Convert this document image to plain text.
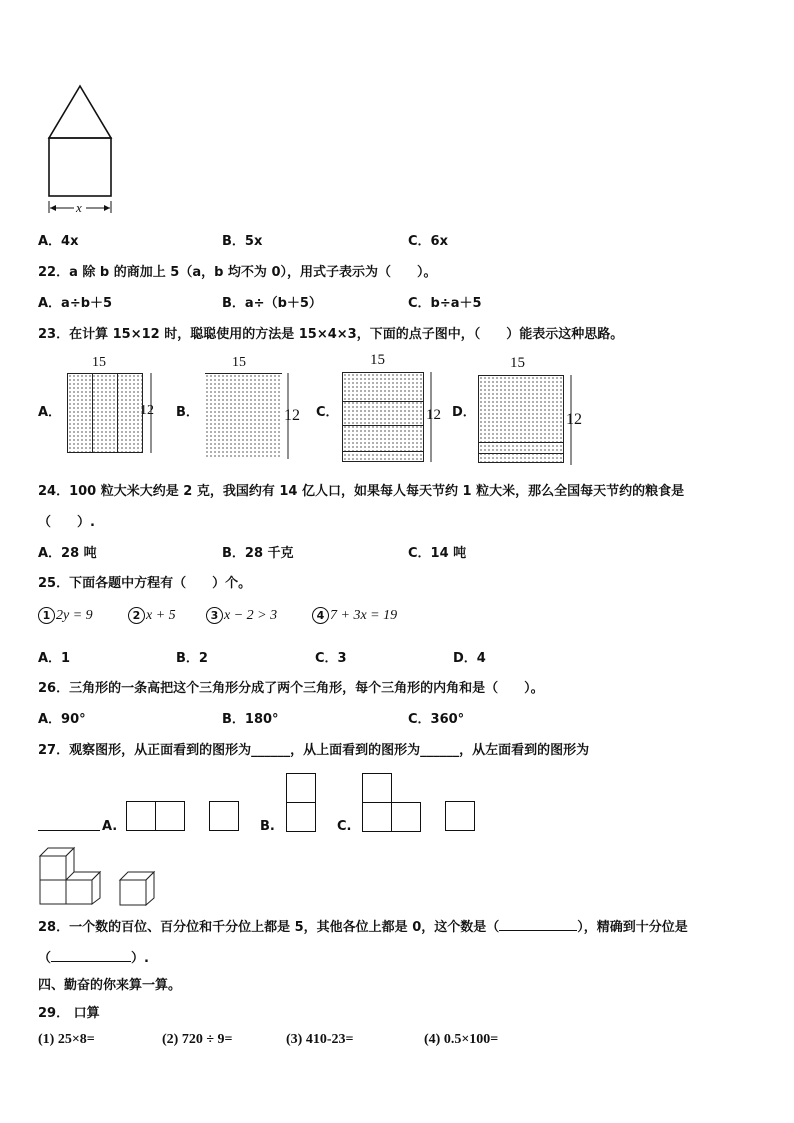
x
A．4x	B．5x	C．6x
22．a 除 b 的商加上 5（a，b 均不为 0），用式子表示为（　　）。
A．a÷b＋5	B．a÷（b＋5）	C．b÷a＋5
23．在计算 15×12 时，聪聪使用的方法是 15×4×3，下面的点子图中，（　　）能表示这种思路。
A．
15
12 B．
15
12 C．
15
12 D．
15
12
24．100 粒大米大约是 2 克，我国约有 14 亿人口，如果每人每天节约 1 粒大米，那么全国每天节约的粮食是
（　　）.
A．28 吨	B．28 千克	C．14 吨
25．下面各题中方程有（　　）个。
1 2y = 9	2 x + 5	3 x − 2 > 3	4 7 + 3x = 19
A．1	B．2	C．3	D．4
26．三角形的一条高把这个三角形分成了两个三角形，每个三角形的内角和是（　　）。
A．90°	B．180°	C．360°
27．观察图形，从正面看到的图形为______，从上面看到的图形为______，从左面看到的图形为
A.	B.	C.
28．一个数的百位、百分位和千分位上都是 5，其他各位上都是 0，这个数是（	），精确到十分位是
（	）.
四、勤奋的你来算一算。
29． 口算
(1) 25×8=	(2) 720 ÷ 9=	(3) 410-23=	(4) 0.5×100=
